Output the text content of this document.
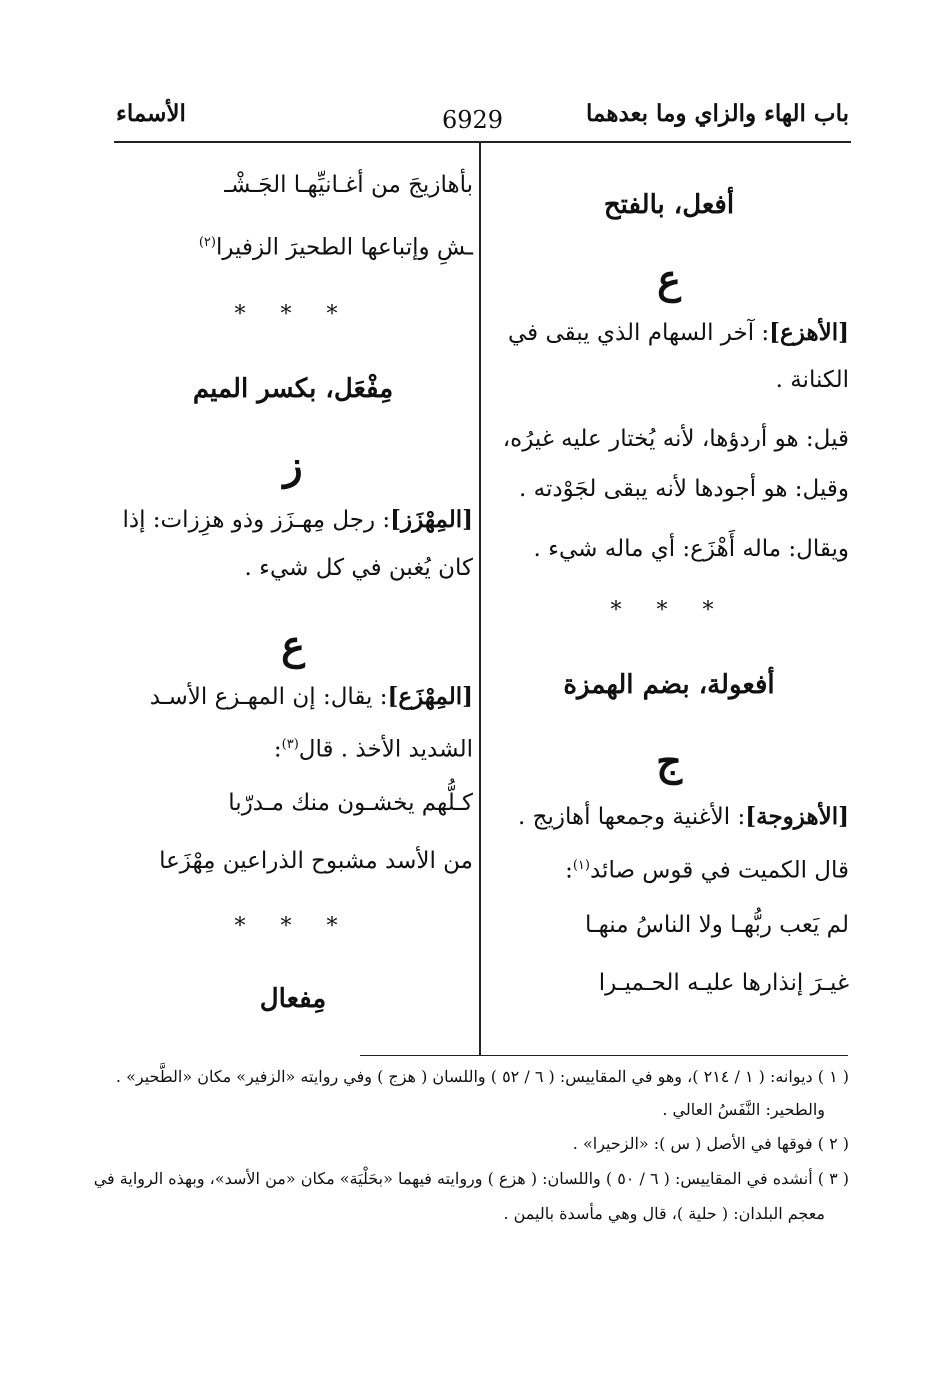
باب الهاء والزاي وما بعدهما
6929
الأسماء
أفعل، بالفتح
ع
[الأهزع]: آخر السهام الذي يبقى في
الكنانة .
قيل: هو أردؤها، لأنه يُختار عليه غيرُه،
وقيل: هو أجودها لأنه يبقى لجَوْدته .
ويقال: ماله أَهْزَع: أي ماله شيء .
* * *
أفعولة، بضم الهمزة
ج
[الأهزوجة]: الأغنية وجمعها أهازيج .
قال الكميت في قوس صائد$^{(١)}$:
لم يَعب ربُّهـا ولا الناسُ منهـا
غيـرَ إنذارها عليـه الحـميـرا
بأهازيجَ من أغـانيِّهـا الجَـشْـ
ـشِ وإتباعها الطحيرَ الزفيرا$^{(٢)}$
* * *
مِفْعَل، بكسر الميم
ز
[المِهْزَز]: رجل مِهـزَز وذو هزِزات: إذا
كان يُغبن في كل شيء .
ع
[المِهْزَع]: يقال: إن المهـزع الأسـد
الشديد الأخذ . قال$^{(٣)}$:
كـلُّهم يخشـون منك مـدرّبا
من الأسد مشبوح الذراعين مِهْزَعا
* * *
مِفعال
( ١ ) ديوانه: ( ١ / ٢١٤ )، وهو في المقاييس: ( ٦ / ٥٢ ) واللسان ( هزج ) وفي روايته «الزفير» مكان «الطَّحير» .
والطحير: النَّفَسُ العالي .
( ٢ ) فوقها في الأصل ( س ): «الزحيرا» .
( ٣ ) أنشده في المقاييس: ( ٦ / ٥٠ ) واللسان: ( هزع ) وروايته فيهما «بحَلْيَة» مكان «من الأسد»، وبهذه الرواية في
معجم البلدان: ( حلية )، قال وهي مأسدة باليمن .
